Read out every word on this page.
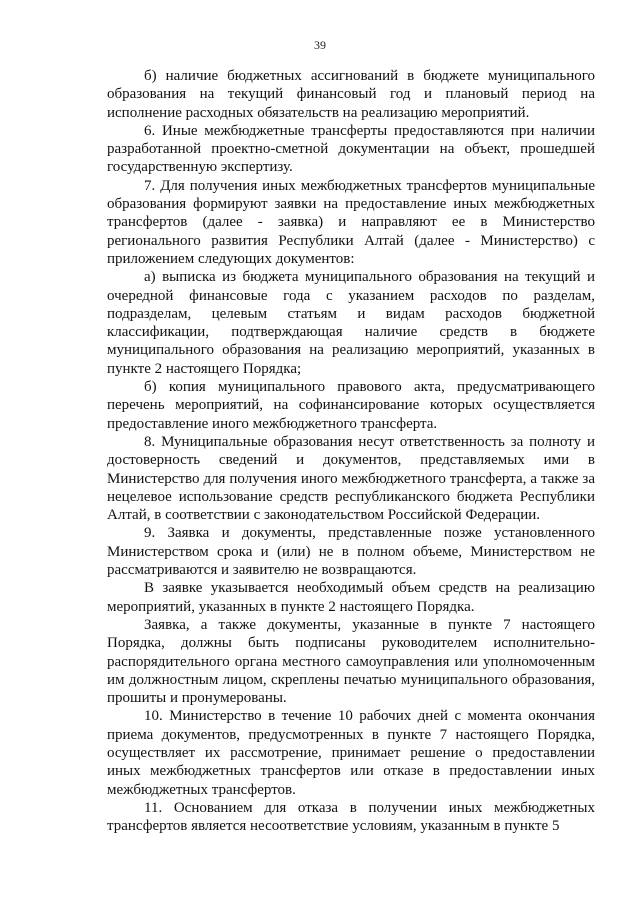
39

б) наличие бюджетных ассигнований в бюджете муниципального образования на текущий финансовый год и плановый период на исполнение расходных обязательств на реализацию мероприятий.

6. Иные межбюджетные трансферты предоставляются при наличии разработанной проектно-сметной документации на объект, прошедшей государственную экспертизу.

7. Для получения иных межбюджетных трансфертов муниципальные образования формируют заявки на предоставление иных межбюджетных трансфертов (далее - заявка) и направляют ее в Министерство регионального развития Республики Алтай (далее - Министерство) с приложением следующих документов:

а) выписка из бюджета муниципального образования на текущий и очередной финансовые года с указанием расходов по разделам, подразделам, целевым статьям и видам расходов бюджетной классификации, подтверждающая наличие средств в бюджете муниципального образования на реализацию мероприятий, указанных в пункте 2 настоящего Порядка;

б) копия муниципального правового акта, предусматривающего перечень мероприятий, на софинансирование которых осуществляется предоставление иного межбюджетного трансферта.

8. Муниципальные образования несут ответственность за полноту и достоверность сведений и документов, представляемых ими в Министерство для получения иного межбюджетного трансферта, а также за нецелевое использование средств республиканского бюджета Республики Алтай, в соответствии с законодательством Российской Федерации.

9. Заявка и документы, представленные позже установленного Министерством срока и (или) не в полном объеме, Министерством не рассматриваются и заявителю не возвращаются.

В заявке указывается необходимый объем средств на реализацию мероприятий, указанных в пункте 2 настоящего Порядка.

Заявка, а также документы, указанные в пункте 7 настоящего Порядка, должны быть подписаны руководителем исполнительно-распорядительного органа местного самоуправления или уполномоченным им должностным лицом, скреплены печатью муниципального образования, прошиты и пронумерованы.

10. Министерство в течение 10 рабочих дней с момента окончания приема документов, предусмотренных в пункте 7 настоящего Порядка, осуществляет их рассмотрение, принимает решение о предоставлении иных межбюджетных трансфертов или отказе в предоставлении иных межбюджетных трансфертов.

11. Основанием для отказа в получении иных межбюджетных трансфертов является несоответствие условиям, указанным в пункте 5
